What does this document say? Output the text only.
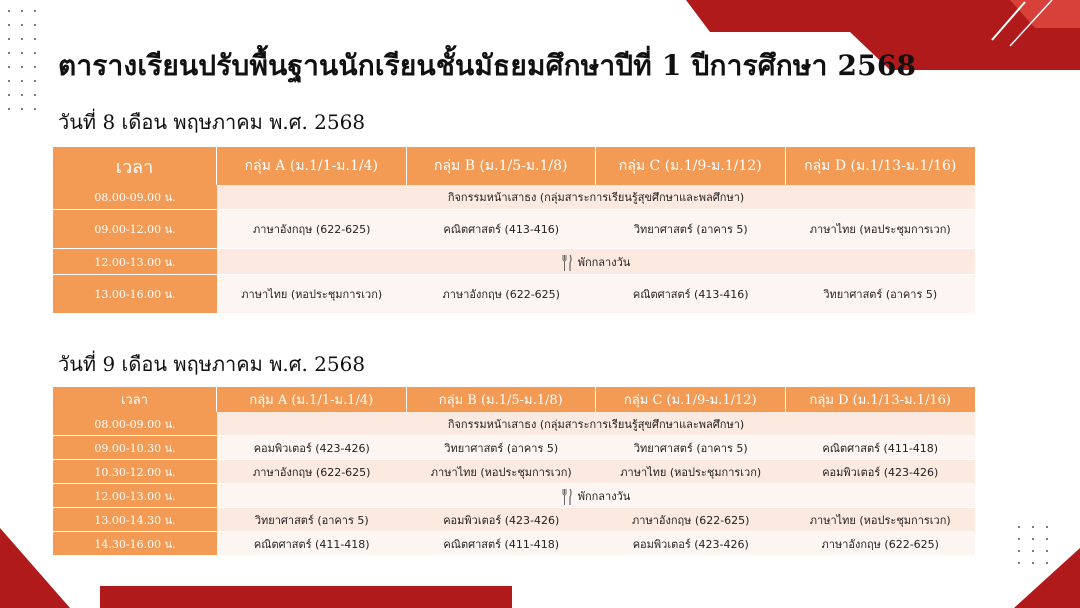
ตารางเรียนปรับพื้นฐานนักเรียนชั้นมัธยมศึกษาปีที่ 1 ปีการศึกษา 2568
วันที่ 8 เดือน พฤษภาคม พ.ศ. 2568
เวลา	กลุ่ม A (ม.1/1-ม.1/4)	กลุ่ม B (ม.1/5-ม.1/8)	กลุ่ม C (ม.1/9-ม.1/12)	กลุ่ม D (ม.1/13-ม.1/16)
08.00-09.00 น.	กิจกรรมหน้าเสาธง (กลุ่มสาระการเรียนรู้สุขศึกษาและพลศึกษา)			
09.00-12.00 น.	ภาษาอังกฤษ (622-625)	คณิตศาสตร์ (413-416)	วิทยาศาสตร์ (อาคาร 5)	ภาษาไทย (หอประชุมการเวก)
12.00-13.00 น.	พักกลางวัน			
13.00-16.00 น.	ภาษาไทย (หอประชุมการเวก)	ภาษาอังกฤษ (622-625)	คณิตศาสตร์ (413-416)	วิทยาศาสตร์ (อาคาร 5)
วันที่ 9 เดือน พฤษภาคม พ.ศ. 2568
เวลา	กลุ่ม A (ม.1/1-ม.1/4)	กลุ่ม B (ม.1/5-ม.1/8)	กลุ่ม C (ม.1/9-ม.1/12)	กลุ่ม D (ม.1/13-ม.1/16)
08.00-09.00 น.	กิจกรรมหน้าเสาธง (กลุ่มสาระการเรียนรู้สุขศึกษาและพลศึกษา)			
09.00-10.30 น.	คอมพิวเตอร์ (423-426)	วิทยาศาสตร์ (อาคาร 5)	วิทยาศาสตร์ (อาคาร 5)	คณิตศาสตร์ (411-418)
10.30-12.00 น.	ภาษาอังกฤษ (622-625)	ภาษาไทย (หอประชุมการเวก)	ภาษาไทย (หอประชุมการเวก)	คอมพิวเตอร์ (423-426)
12.00-13.00 น.	พักกลางวัน			
13.00-14.30 น.	วิทยาศาสตร์ (อาคาร 5)	คอมพิวเตอร์ (423-426)	ภาษาอังกฤษ (622-625)	ภาษาไทย (หอประชุมการเวก)
14.30-16.00 น.	คณิตศาสตร์ (411-418)	คณิตศาสตร์ (411-418)	คอมพิวเตอร์ (423-426)	ภาษาอังกฤษ (622-625)
